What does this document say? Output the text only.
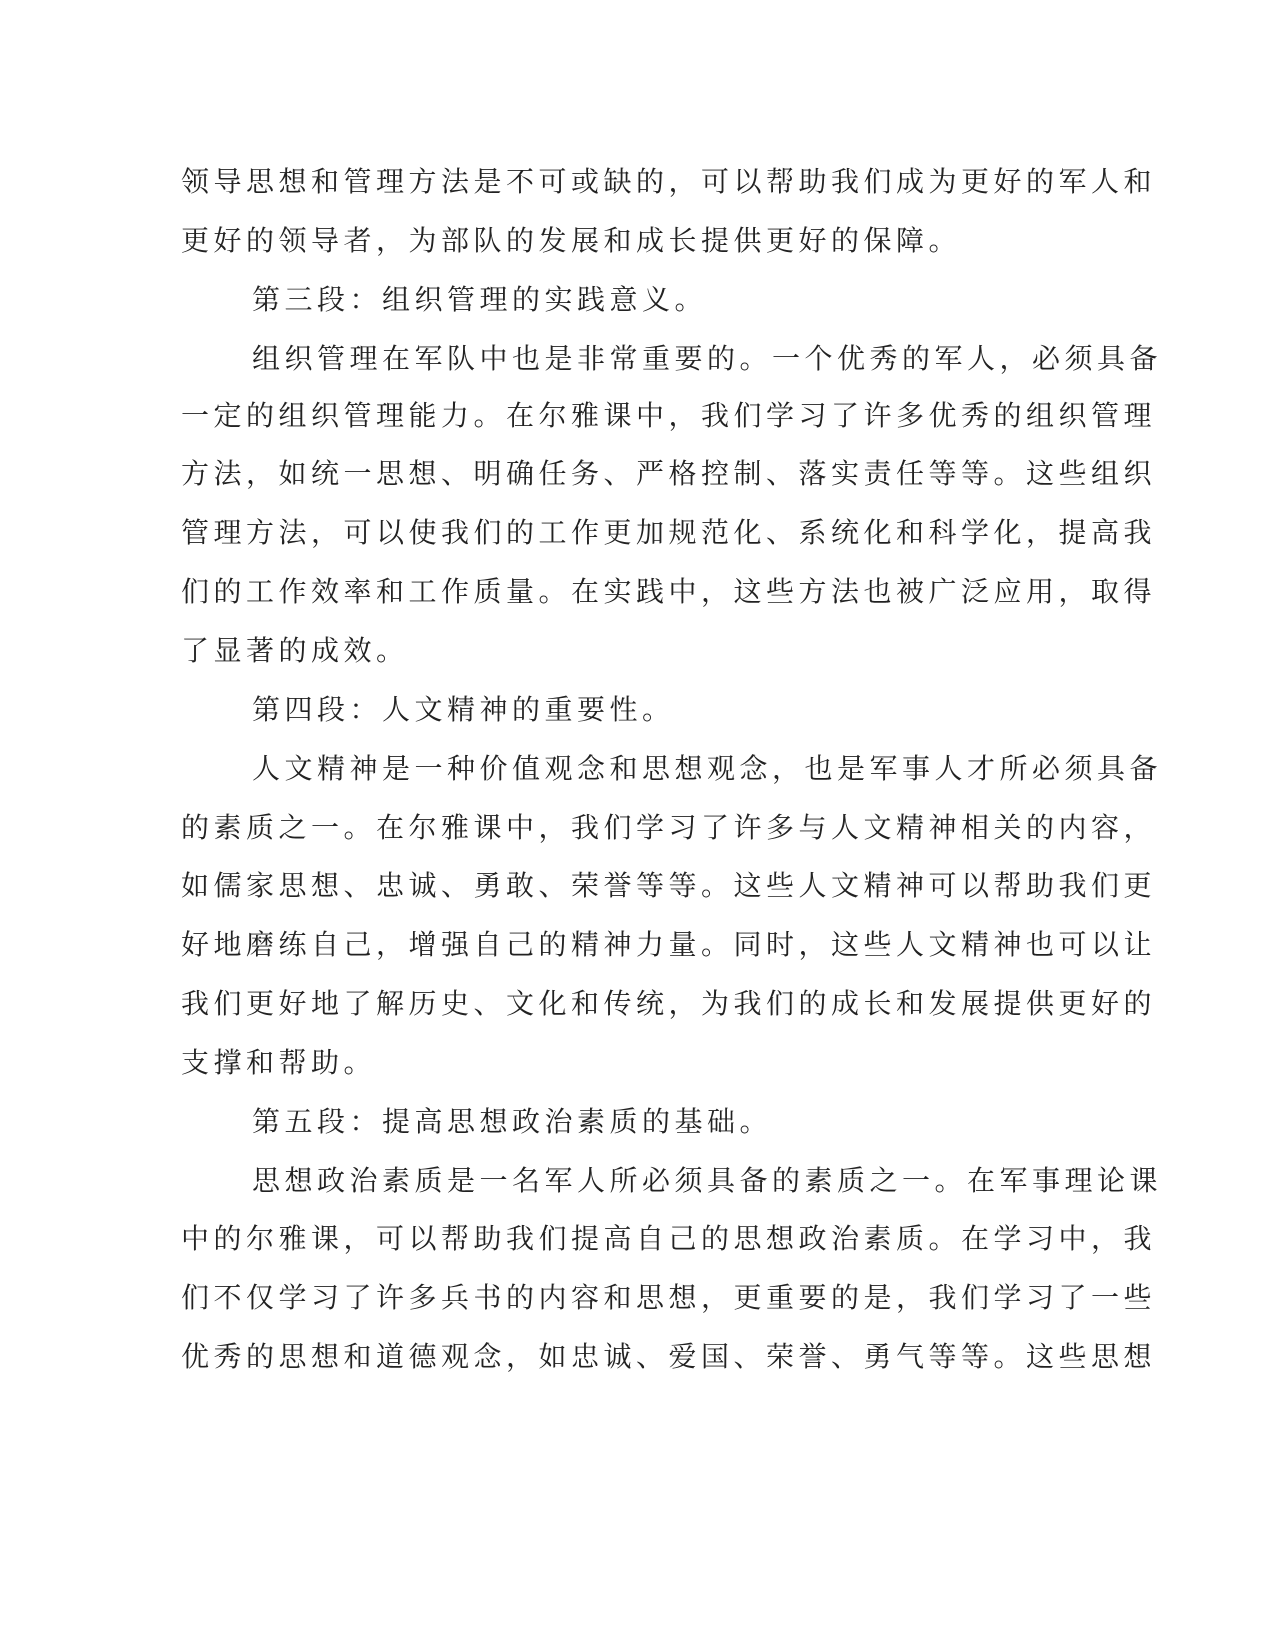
领导思想和管理方法是不可或缺的，可以帮助我们成为更好的军人和
更好的领导者，为部队的发展和成长提供更好的保障。
第三段：组织管理的实践意义。
组织管理在军队中也是非常重要的。一个优秀的军人，必须具备
一定的组织管理能力。在尔雅课中，我们学习了许多优秀的组织管理
方法，如统一思想、明确任务、严格控制、落实责任等等。这些组织
管理方法，可以使我们的工作更加规范化、系统化和科学化，提高我
们的工作效率和工作质量。在实践中，这些方法也被广泛应用，取得
了显著的成效。
第四段：人文精神的重要性。
人文精神是一种价值观念和思想观念，也是军事人才所必须具备
的素质之一。在尔雅课中，我们学习了许多与人文精神相关的内容，
如儒家思想、忠诚、勇敢、荣誉等等。这些人文精神可以帮助我们更
好地磨练自己，增强自己的精神力量。同时，这些人文精神也可以让
我们更好地了解历史、文化和传统，为我们的成长和发展提供更好的
支撑和帮助。
第五段：提高思想政治素质的基础。
思想政治素质是一名军人所必须具备的素质之一。在军事理论课
中的尔雅课，可以帮助我们提高自己的思想政治素质。在学习中，我
们不仅学习了许多兵书的内容和思想，更重要的是，我们学习了一些
优秀的思想和道德观念，如忠诚、爱国、荣誉、勇气等等。这些思想
